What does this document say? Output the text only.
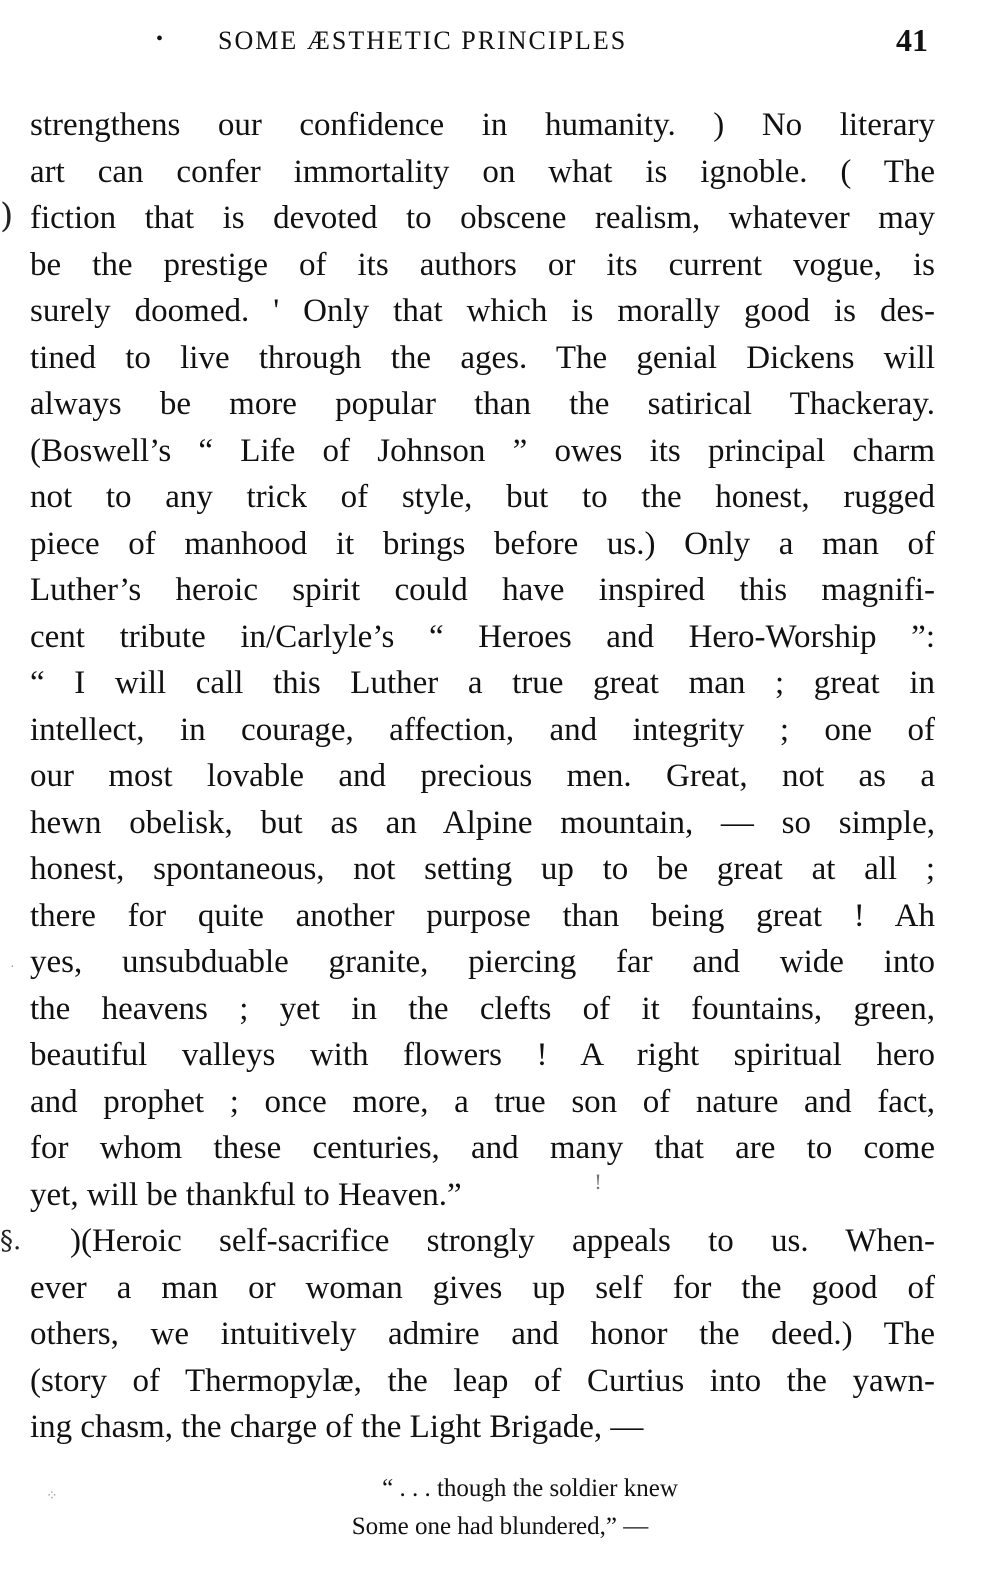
• SOME ÆSTHETIC PRINCIPLES	41
)
§.
!
·
⁘
strengthens our confidence in humanity. ) No literary
art can confer immortality on what is ignoble. ( The
fiction that is devoted to obscene realism, whatever may
be the prestige of its authors or its current vogue, is
surely doomed. ' Only that which is morally good is des-
tined to live through the ages. The genial Dickens will
always be more popular than the satirical Thackeray.
(Boswell’s “ Life of Johnson ” owes its principal charm
not to any trick of style, but to the honest, rugged
piece of manhood it brings before us.) Only a man of
Luther’s heroic spirit could have inspired this magnifi-
cent tribute in/Carlyle’s “ Heroes and Hero-Worship ”:
“ I will call this Luther a true great man ; great in
intellect, in courage, affection, and integrity ; one of
our most lovable and precious men. Great, not as a
hewn obelisk, but as an Alpine mountain, — so simple,
honest, spontaneous, not setting up to be great at all ;
there for quite another purpose than being great ! Ah
yes, unsubduable granite, piercing far and wide into
the heavens ; yet in the clefts of it fountains, green,
beautiful valleys with flowers ! A right spiritual hero
and prophet ; once more, a true son of nature and fact,
for whom these centuries, and many that are to come
yet, will be thankful to Heaven.”
)(Heroic self-sacrifice strongly appeals to us. When-
ever a man or woman gives up self for the good of
others, we intuitively admire and honor the deed.) The
(story of Thermopylæ, the leap of Curtius into the yawn-
ing chasm, the charge of the Light Brigade, —
“ . . . though the soldier knew
Some one had blundered,” —
